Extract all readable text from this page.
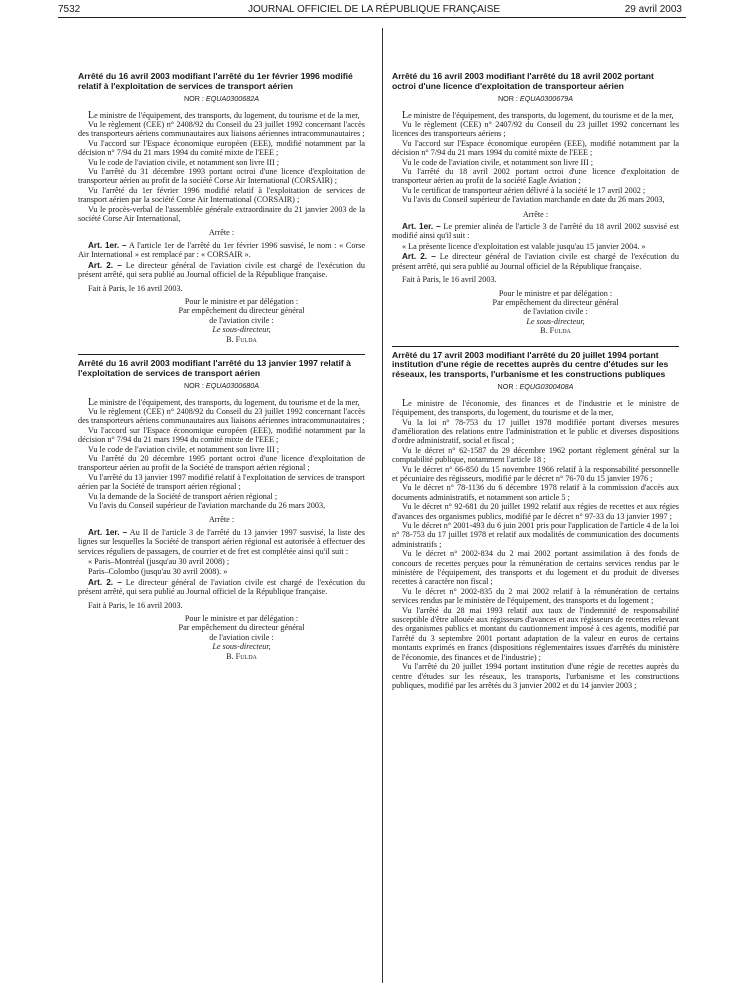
7532	JOURNAL OFFICIEL DE LA RÉPUBLIQUE FRANÇAISE	29 avril 2003
Arrêté du 16 avril 2003 modifiant l'arrêté du 1er février 1996 modifié relatif à l'exploitation de services de transport aérien
NOR : EQUA0300682A

Le ministre de l'équipement, des transports, du logement, du tourisme et de la mer,

Vu le règlement (CEE) n° 2408/92 du Conseil du 23 juillet 1992 concernant l'accès des transporteurs aériens communautaires aux liaisons aériennes intracommunautaires ;

Vu l'accord sur l'Espace économique européen (EEE), modifié notamment par la décision n° 7/94 du 21 mars 1994 du comité mixte de l'EEE ;

Vu le code de l'aviation civile, et notamment son livre III ;

Vu l'arrêté du 31 décembre 1993 portant octroi d'une licence d'exploitation de transporteur aérien au profit de la société Corse Air International (CORSAIR) ;

Vu l'arrêté du 1er février 1996 modifié relatif à l'exploitation de services de transport aérien par la société Corse Air International (CORSAIR) ;

Vu le procès-verbal de l'assemblée générale extraordinaire du 21 janvier 2003 de la société Corse Air International,

Arrête :

Art. 1er. – A l'article 1er de l'arrêté du 1er février 1996 susvisé, le nom : « Corse Air International » est remplacé par : « CORSAIR ».

Art. 2. – Le directeur général de l'aviation civile est chargé de l'exécution du présent arrêté, qui sera publié au Journal officiel de la République française.

Fait à Paris, le 16 avril 2003.

Pour le ministre et par délégation :
Par empêchement du directeur général
de l'aviation civile :
Le sous-directeur,
B. Fulda
Arrêté du 16 avril 2003 modifiant l'arrêté du 13 janvier 1997 relatif à l'exploitation de services de transport aérien
NOR : EQUA0300680A

Le ministre de l'équipement, des transports, du logement, du tourisme et de la mer,

Vu le règlement (CEE) n° 2408/92 du Conseil du 23 juillet 1992 concernant l'accès des transporteurs aériens communautaires aux liaisons aériennes intracommunautaires ;

Vu l'accord sur l'Espace économique européen (EEE), modifié notamment par la décision n° 7/94 du 21 mars 1994 du comité mixte de l'EEE ;

Vu le code de l'aviation civile, et notamment son livre III ;

Vu l'arrêté du 20 décembre 1995 portant octroi d'une licence d'exploitation de transporteur aérien au profit de la Société de transport aérien régional ;

Vu l'arrêté du 13 janvier 1997 modifié relatif à l'exploitation de services de transport aérien par la Société de transport aérien régional ;

Vu la demande de la Société de transport aérien régional ;

Vu l'avis du Conseil supérieur de l'aviation marchande du 26 mars 2003,

Arrête :

Art. 1er. – Au II de l'article 3 de l'arrêté du 13 janvier 1997 susvisé, la liste des lignes sur lesquelles la Société de transport aérien régional est autorisée à effectuer des services réguliers de passagers, de courrier et de fret est complétée ainsi qu'il suit :

« Paris–Montréal (jusqu'au 30 avril 2008) ;

Paris–Colombo (jusqu'au 30 avril 2008). »

Art. 2. – Le directeur général de l'aviation civile est chargé de l'exécution du présent arrêté, qui sera publié au Journal officiel de la République française.

Fait à Paris, le 16 avril 2003.

Pour le ministre et par délégation :
Par empêchement du directeur général
de l'aviation civile :
Le sous-directeur,
B. Fulda
Arrêté du 16 avril 2003 modifiant l'arrêté du 18 avril 2002 portant octroi d'une licence d'exploitation de transporteur aérien
NOR : EQUA0300679A

Le ministre de l'équipement, des transports, du logement, du tourisme et de la mer,

Vu le règlement (CEE) n° 2407/92 du Conseil du 23 juillet 1992 concernant les licences des transporteurs aériens ;

Vu l'accord sur l'Espace économique européen (EEE), modifié notamment par la décision n° 7/94 du 21 mars 1994 du comité mixte de l'EEE ;

Vu le code de l'aviation civile, et notamment son livre III ;

Vu l'arrêté du 18 avril 2002 portant octroi d'une licence d'exploitation de transporteur aérien au profit de la société Eagle Aviation ;

Vu le certificat de transporteur aérien délivré à la société le 17 avril 2002 ;

Vu l'avis du Conseil supérieur de l'aviation marchande en date du 26 mars 2003,

Arrête :

Art. 1er. – Le premier alinéa de l'article 3 de l'arrêté du 18 avril 2002 susvisé est modifié ainsi qu'il suit :

« La présente licence d'exploitation est valable jusqu'au 15 janvier 2004. »

Art. 2. – Le directeur général de l'aviation civile est chargé de l'exécution du présent arrêté, qui sera publié au Journal officiel de la République française.

Fait à Paris, le 16 avril 2003.

Pour le ministre et par délégation :
Par empêchement du directeur général
de l'aviation civile :
Le sous-directeur,
B. Fulda
Arrêté du 17 avril 2003 modifiant l'arrêté du 20 juillet 1994 portant institution d'une régie de recettes auprès du centre d'études sur les réseaux, les transports, l'urbanisme et les constructions publiques
NOR : EQUG0300408A

Le ministre de l'économie, des finances et de l'industrie et le ministre de l'équipement, des transports, du logement, du tourisme et de la mer,

Vu la loi n° 78-753 du 17 juillet 1978 modifiée portant diverses mesures d'amélioration des relations entre l'administration et le public et diverses dispositions d'ordre administratif, social et fiscal ;

Vu le décret n° 62-1587 du 29 décembre 1962 portant règlement général sur la comptabilité publique, notamment l'article 18 ;

Vu le décret n° 66-850 du 15 novembre 1966 relatif à la responsabilité personnelle et pécuniaire des régisseurs, modifié par le décret n° 76-70 du 15 janvier 1976 ;

Vu le décret n° 78-1136 du 6 décembre 1978 relatif à la commission d'accès aux documents administratifs, et notamment son article 5 ;

Vu le décret n° 92-681 du 20 juillet 1992 relatif aux régies de recettes et aux régies d'avances des organismes publics, modifié par le décret n° 97-33 du 13 janvier 1997 ;

Vu le décret n° 2001-493 du 6 juin 2001 pris pour l'application de l'article 4 de la loi n° 78-753 du 17 juillet 1978 et relatif aux modalités de communication des documents administratifs ;

Vu le décret n° 2002-834 du 2 mai 2002 portant assimilation à des fonds de concours de recettes perçues pour la rémunération de certains services rendus par le ministère de l'équipement, des transports et du logement et du produit de diverses recettes à caractère non fiscal ;

Vu le décret n° 2002-835 du 2 mai 2002 relatif à la rémunération de certains services rendus par le ministère de l'équipement, des transports et du logement ;

Vu l'arrêté du 28 mai 1993 relatif aux taux de l'indemnité de responsabilité susceptible d'être allouée aux régisseurs d'avances et aux régisseurs de recettes relevant des organismes publics et montant du cautionnement imposé à ces agents, modifié par l'arrêté du 3 septembre 2001 portant adaptation de la valeur en euros de certains montants exprimés en francs (dispositions réglementaires issues d'arrêtés du ministère de l'économie, des finances et de l'industrie) ;

Vu l'arrêté du 20 juillet 1994 portant institution d'une régie de recettes auprès du centre d'études sur les réseaux, les transports, l'urbanisme et les constructions publiques, modifié par les arrêtés du 3 janvier 2002 et du 14 janvier 2003 ;
